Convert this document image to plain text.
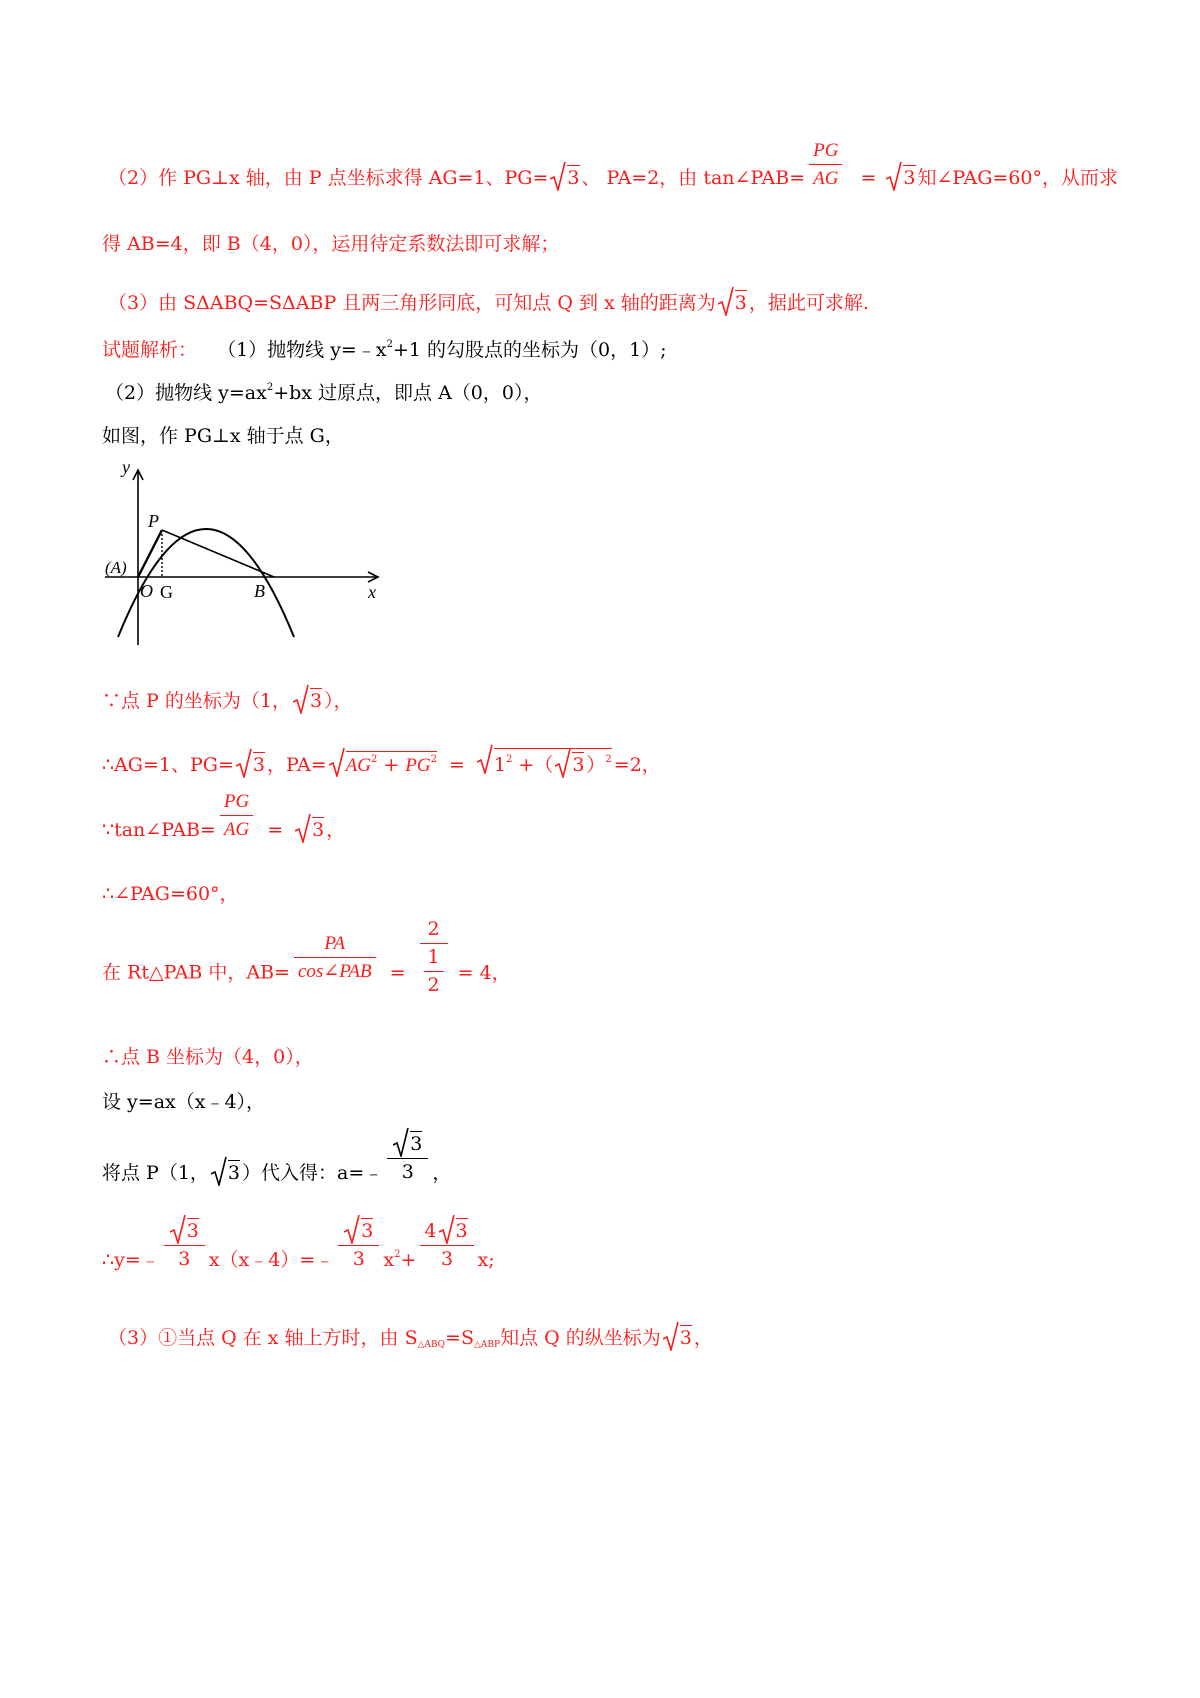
（2）作 PG⊥x 轴，由 P 点坐标求得 AG=1、PG= 3 、 PA=2，由 tan∠PAB= $\frac{PG}{AG} = 3$ 知∠PAG=60°，从而求
得 AB=4，即 B（4，0），运用待定系数法即可求解；
（3）由 SΔABQ=SΔABP 且两三角形同底，可知点 Q 到 x 轴的距离为 3 ，据此可求解.
试题解析： （1）抛物线 $y=﹣x^2+1$ 的勾股点的坐标为（0，1）;
（2）抛物线 $y=ax^2+bx$ 过原点，即点 A（0，0），
如图，作 PG⊥x 轴于点 G，
y
x
P
(A)
O G	B
∵点 P 的坐标为（1， 3 ），
∴AG=1、PG= 3 ，$PA= AG^2 + PG^2 = 1^2$ +（ 3 ）$^2$ =2，
∵tan∠PAB= $\frac{PG}{AG} = 3$ ，
∴∠PAG=60°，
在 Rt△PAB 中，$AB= \frac{PA}{\text{cos∠PAB}} = \frac{2}{\frac{1}{2}} = 4$，
∴点 B 坐标为（4，0），
设 y=ax（x﹣4），
将点 P（1， 3 ）代入得：a=﹣ $\frac{3}{3}$ ，
∴y=﹣ $\frac{3}{3}$ x（x﹣4）=﹣ $\frac{3}{3} x^2+ \frac{4 3}{3} x$;
（3）①当点 Q 在 x 轴上方时，由 $S_{\triangle ABQ}=S_{\triangle ABP}$知点 Q 的纵坐标为 3 ，
